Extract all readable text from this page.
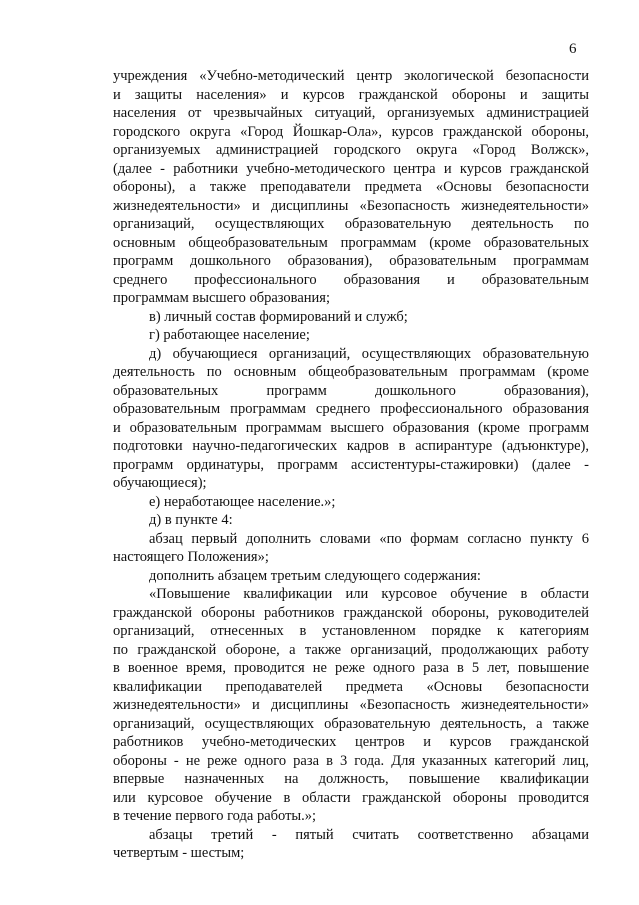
6
учреждения «Учебно-методический центр экологической безопасности
и защиты населения» и курсов гражданской обороны и защиты
населения от чрезвычайных ситуаций, организуемых администрацией
городского округа «Город Йошкар-Ола», курсов гражданской обороны,
организуемых администрацией городского округа «Город Волжск»,
(далее - работники учебно-методического центра и курсов гражданской
обороны), а также преподаватели предмета «Основы безопасности
жизнедеятельности» и дисциплины «Безопасность жизнедеятельности»
организаций, осуществляющих образовательную деятельность по
основным общеобразовательным программам (кроме образовательных
программ дошкольного образования), образовательным программам
среднего профессионального образования и образовательным
программам высшего образования;
в) личный состав формирований и служб;
г) работающее население;
д) обучающиеся организаций, осуществляющих образовательную
деятельность по основным общеобразовательным программам (кроме
образовательных программ дошкольного образования),
образовательным программам среднего профессионального образования
и образовательным программам высшего образования (кроме программ
подготовки научно-педагогических кадров в аспирантуре (адъюнктуре),
программ ординатуры, программ ассистентуры-стажировки) (далее -
обучающиеся);
е) неработающее население.»;
д) в пункте 4:
абзац первый дополнить словами «по формам согласно пункту 6
настоящего Положения»;
дополнить абзацем третьим следующего содержания:
«Повышение квалификации или курсовое обучение в области
гражданской обороны работников гражданской обороны, руководителей
организаций, отнесенных в установленном порядке к категориям
по гражданской обороне, а также организаций, продолжающих работу
в военное время, проводится не реже одного раза в 5 лет, повышение
квалификации преподавателей предмета «Основы безопасности
жизнедеятельности» и дисциплины «Безопасность жизнедеятельности»
организаций, осуществляющих образовательную деятельность, а также
работников учебно-методических центров и курсов гражданской
обороны - не реже одного раза в 3 года. Для указанных категорий лиц,
впервые назначенных на должность, повышение квалификации
или курсовое обучение в области гражданской обороны проводится
в течение первого года работы.»;
абзацы третий - пятый считать соответственно абзацами
четвертым - шестым;
